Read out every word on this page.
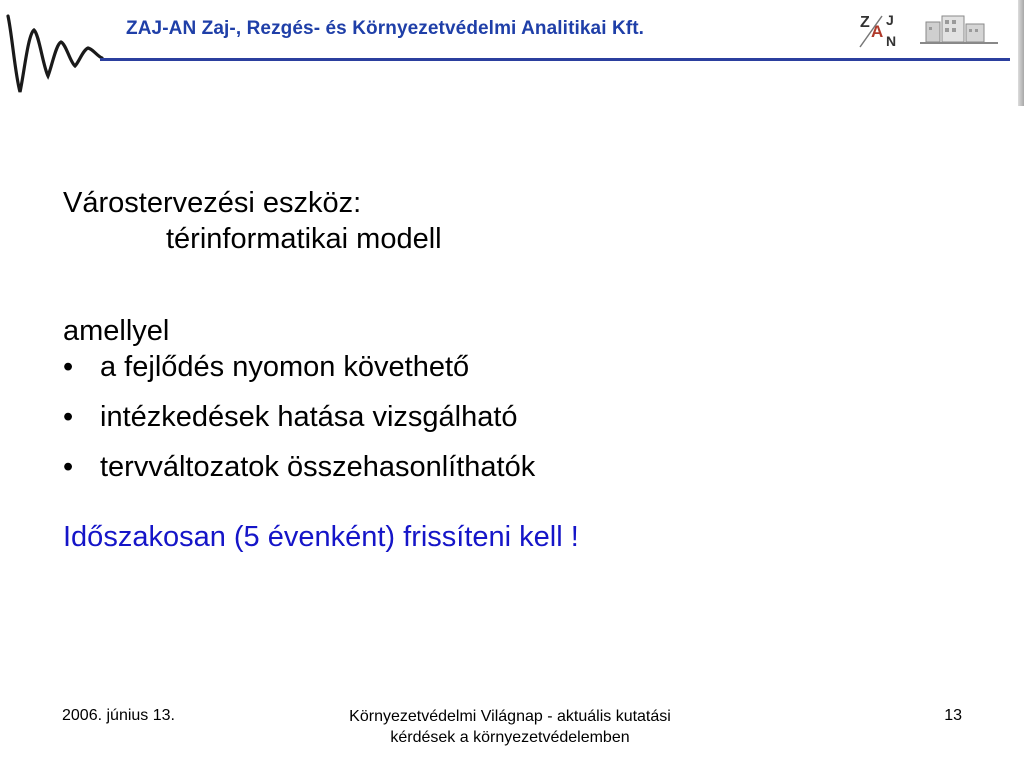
ZAJ-AN Zaj-, Rezgés- és Környezetvédelmi Analitikai Kft.	Z A
J
N
Várostervezési eszköz:
térinformatikai modell
amellyel
• a fejlődés nyomon követhető
• intézkedések hatása vizsgálható
• tervváltozatok összehasonlíthatók
Időszakosan (5 évenként) frissíteni kell !
2006. június 13.	Környezetvédelmi Világnap - aktuális kutatási
kérdések a környezetvédelemben
13
